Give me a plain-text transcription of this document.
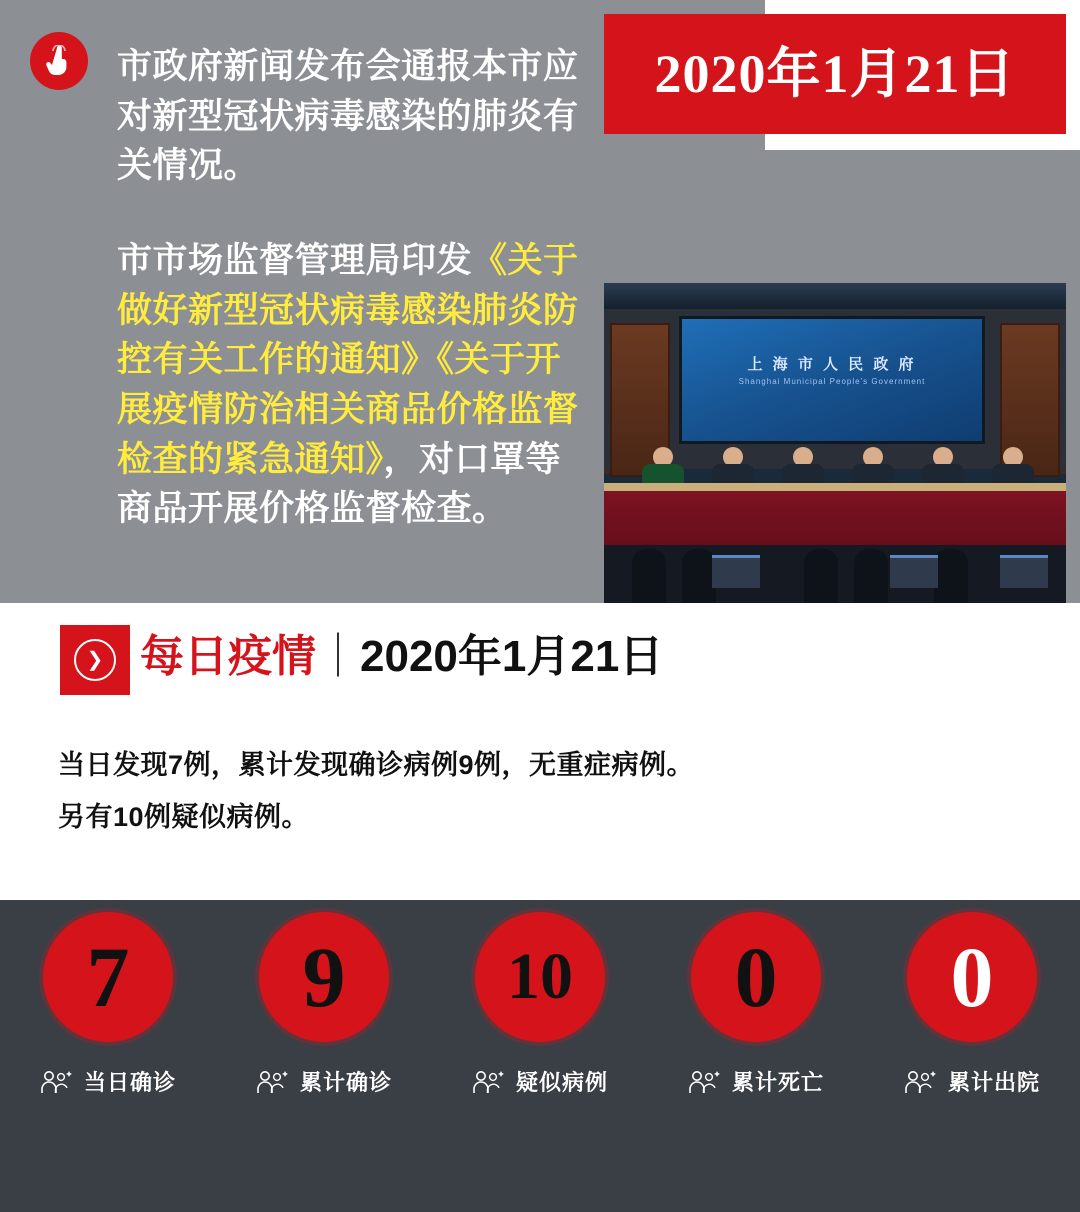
2020年1月21日
市政府新闻发布会通报本市应对新型冠状病毒感染的肺炎有关情况。
市市场监督管理局印发《关于做好新型冠状病毒感染肺炎防控有关工作的通知》《关于开展疫情防治相关商品价格监督检查的紧急通知》，对口罩等商品开展价格监督检查。
上 海 市 人 民 政 府
Shanghai Municipal People's Government
❯ 每日疫情｜2020年1月21日
当日发现7例，累计发现确诊病例9例，无重症病例。
另有10例疑似病例。
7
当日确诊
9
累计确诊
10
疑似病例
0
累计死亡
0
累计出院
